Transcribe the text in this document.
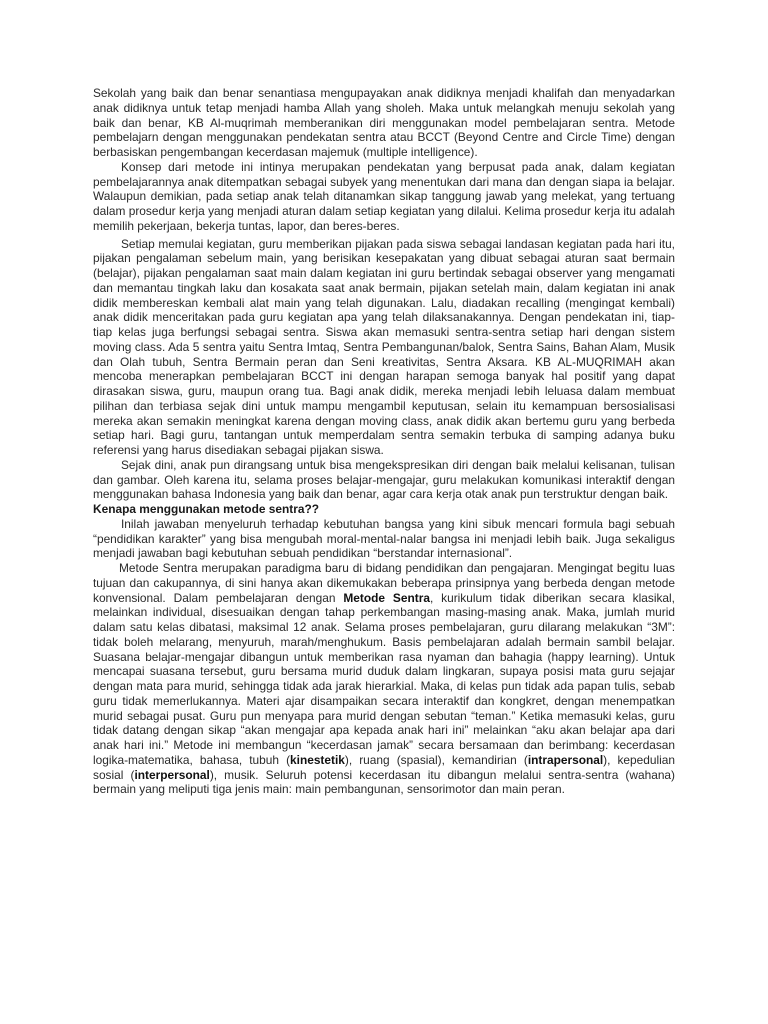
Sekolah yang baik dan benar senantiasa mengupayakan anak didiknya menjadi khalifah dan menyadarkan anak didiknya untuk tetap menjadi hamba Allah yang sholeh. Maka untuk melangkah menuju sekolah yang baik dan benar, KB Al-muqrimah memberanikan diri menggunakan model pembelajaran sentra. Metode pembelajarn dengan menggunakan pendekatan sentra atau BCCT (Beyond Centre and Circle Time) dengan berbasiskan pengembangan kecerdasan majemuk (multiple intelligence).

Konsep dari metode ini intinya merupakan pendekatan yang berpusat pada anak, dalam kegiatan pembelajarannya anak ditempatkan sebagai subyek yang menentukan dari mana dan dengan siapa ia belajar. Walaupun demikian, pada setiap anak telah ditanamkan sikap tanggung jawab yang melekat, yang tertuang dalam prosedur kerja yang menjadi aturan dalam setiap kegiatan yang dilalui. Kelima prosedur kerja itu adalah memilih pekerjaan, bekerja tuntas, lapor, dan beres-beres.

Setiap memulai kegiatan, guru memberikan pijakan pada siswa sebagai landasan kegiatan pada hari itu, pijakan pengalaman sebelum main, yang berisikan kesepakatan yang dibuat sebagai aturan saat bermain (belajar), pijakan pengalaman saat main dalam kegiatan ini guru bertindak sebagai observer yang mengamati dan memantau tingkah laku dan kosakata saat anak bermain, pijakan setelah main, dalam kegiatan ini anak didik membereskan kembali alat main yang telah digunakan. Lalu, diadakan recalling (mengingat kembali) anak didik menceritakan pada guru kegiatan apa yang telah dilaksanakannya. Dengan pendekatan ini, tiap-tiap kelas juga berfungsi sebagai sentra. Siswa akan memasuki sentra-sentra setiap hari dengan sistem moving class. Ada 5 sentra yaitu Sentra Imtaq, Sentra Pembangunan/balok, Sentra Sains, Bahan Alam, Musik dan Olah tubuh, Sentra Bermain peran dan Seni kreativitas, Sentra Aksara. KB AL-MUQRIMAH akan mencoba menerapkan pembelajaran BCCT ini dengan harapan semoga banyak hal positif yang dapat dirasakan siswa, guru, maupun orang tua. Bagi anak didik, mereka menjadi lebih leluasa dalam membuat pilihan dan terbiasa sejak dini untuk mampu mengambil keputusan, selain itu kemampuan bersosialisasi mereka akan semakin meningkat karena dengan moving class, anak didik akan bertemu guru yang berbeda setiap hari. Bagi guru, tantangan untuk memperdalam sentra semakin terbuka di samping adanya buku referensi yang harus disediakan sebagai pijakan siswa.

Sejak dini, anak pun dirangsang untuk bisa mengekspresikan diri dengan baik melalui kelisanan, tulisan dan gambar. Oleh karena itu, selama proses belajar-mengajar, guru melakukan komunikasi interaktif dengan menggunakan bahasa Indonesia yang baik dan benar, agar cara kerja otak anak pun terstruktur dengan baik.

Kenapa menggunakan metode sentra??

Inilah jawaban menyeluruh terhadap kebutuhan bangsa yang kini sibuk mencari formula bagi sebuah “pendidikan karakter” yang bisa mengubah moral-mental-nalar bangsa ini menjadi lebih baik. Juga sekaligus menjadi jawaban bagi kebutuhan sebuah pendidikan “berstandar internasional”.

Metode Sentra merupakan paradigma baru di bidang pendidikan dan pengajaran. Mengingat begitu luas tujuan dan cakupannya, di sini hanya akan dikemukakan beberapa prinsipnya yang berbeda dengan metode konvensional. Dalam pembelajaran dengan Metode Sentra, kurikulum tidak diberikan secara klasikal, melainkan individual, disesuaikan dengan tahap perkembangan masing-masing anak. Maka, jumlah murid dalam satu kelas dibatasi, maksimal 12 anak. Selama proses pembelajaran, guru dilarang melakukan “3M”: tidak boleh melarang, menyuruh, marah/menghukum. Basis pembelajaran adalah bermain sambil belajar. Suasana belajar-mengajar dibangun untuk memberikan rasa nyaman dan bahagia (happy learning). Untuk mencapai suasana tersebut, guru bersama murid duduk dalam lingkaran, supaya posisi mata guru sejajar dengan mata para murid, sehingga tidak ada jarak hierarkial. Maka, di kelas pun tidak ada papan tulis, sebab guru tidak memerlukannya. Materi ajar disampaikan secara interaktif dan kongkret, dengan menempatkan murid sebagai pusat. Guru pun menyapa para murid dengan sebutan “teman.” Ketika memasuki kelas, guru tidak datang dengan sikap “akan mengajar apa kepada anak hari ini” melainkan “aku akan belajar apa dari anak hari ini.” Metode ini membangun “kecerdasan jamak” secara bersamaan dan berimbang: kecerdasan logika-matematika, bahasa, tubuh (kinestetik), ruang (spasial), kemandirian (intrapersonal), kepedulian sosial (interpersonal), musik. Seluruh potensi kecerdasan itu dibangun melalui sentra-sentra (wahana) bermain yang meliputi tiga jenis main: main pembangunan, sensorimotor dan main peran.
